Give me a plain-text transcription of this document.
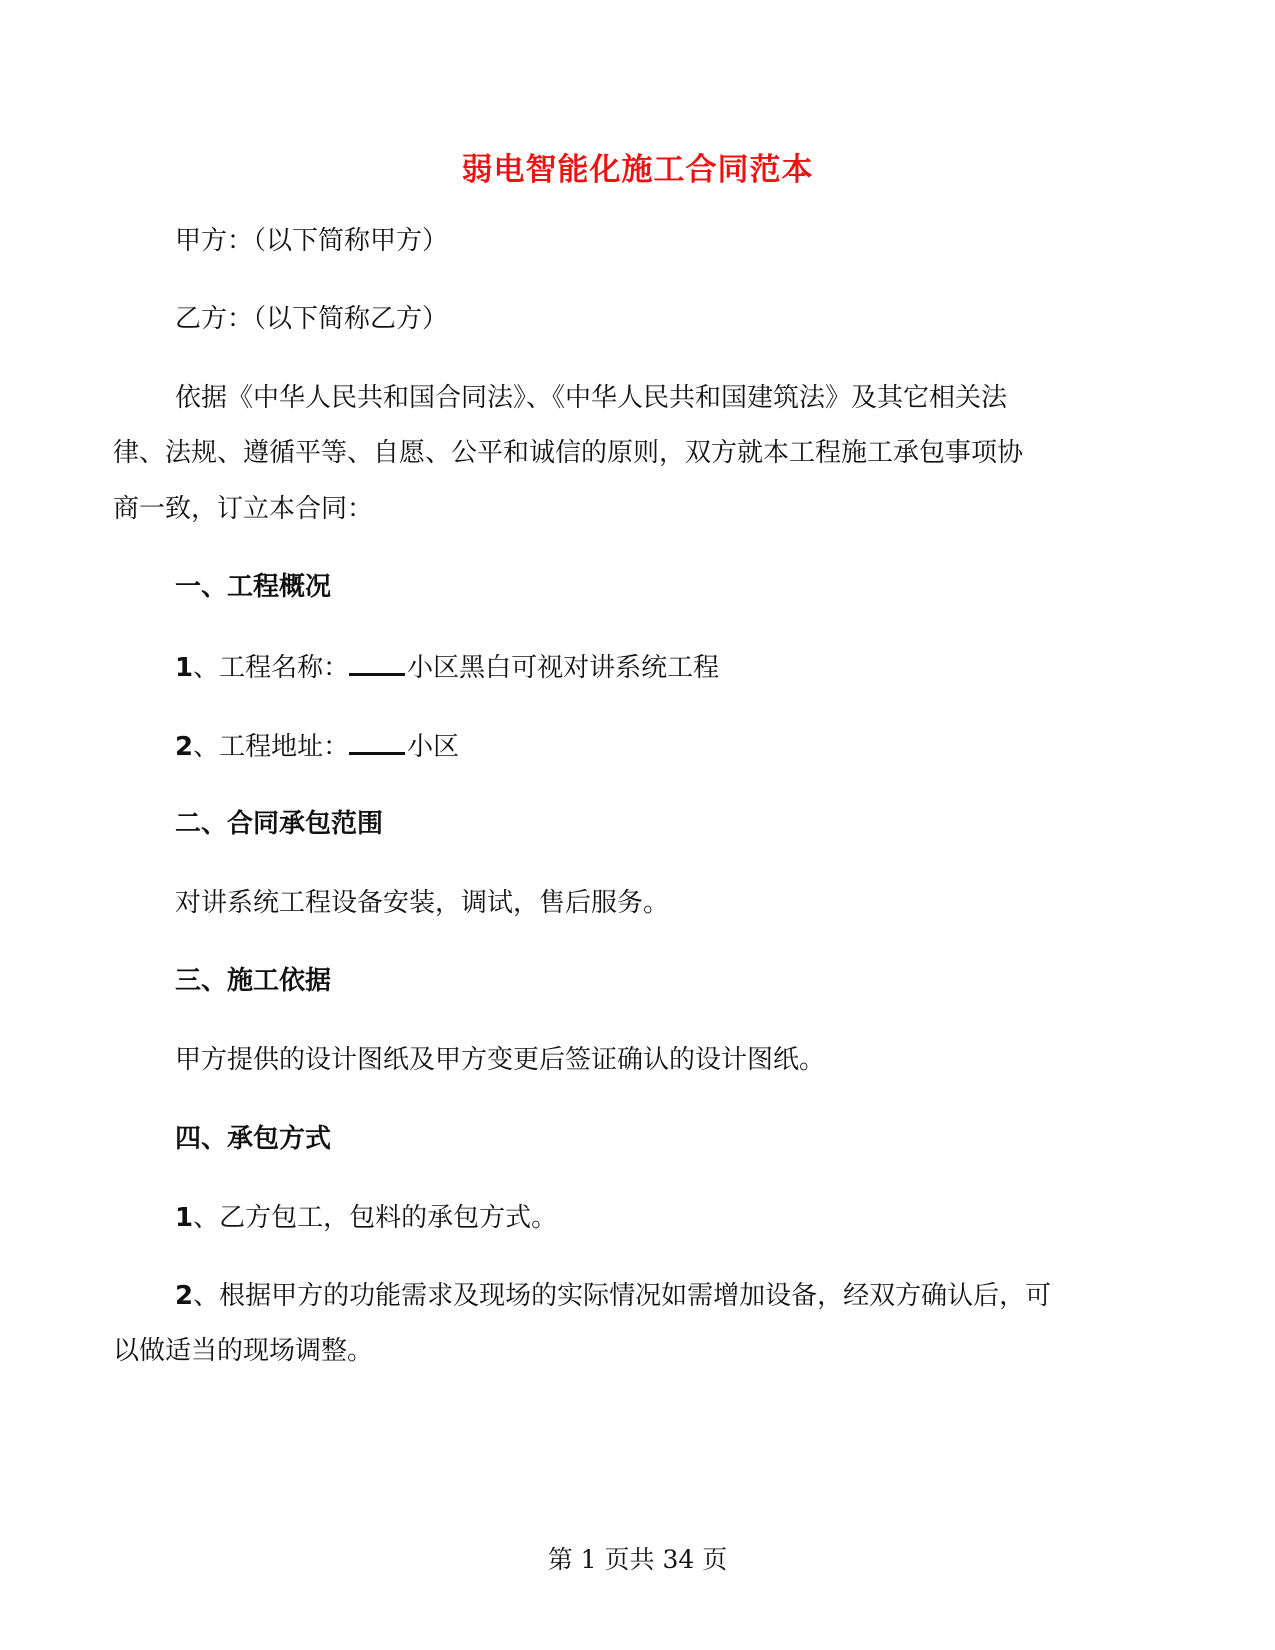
弱电智能化施工合同范本
甲方：（以下简称甲方）
乙方：（以下简称乙方）
依据《中华人民共和国合同法》、《中华人民共和国建筑法》及其它相关法
律、法规、遵循平等、自愿、公平和诚信的原则，双方就本工程施工承包事项协
商一致，订立本合同：
一、工程概况
1、工程名称： 小区黑白可视对讲系统工程
2、工程地址： 小区
二、合同承包范围
对讲系统工程设备安装，调试，售后服务。
三、施工依据
甲方提供的设计图纸及甲方变更后签证确认的设计图纸。
四、承包方式
1、乙方包工，包料的承包方式。
2、根据甲方的功能需求及现场的实际情况如需增加设备，经双方确认后，可
以做适当的现场调整。
第 1 页共 34 页
